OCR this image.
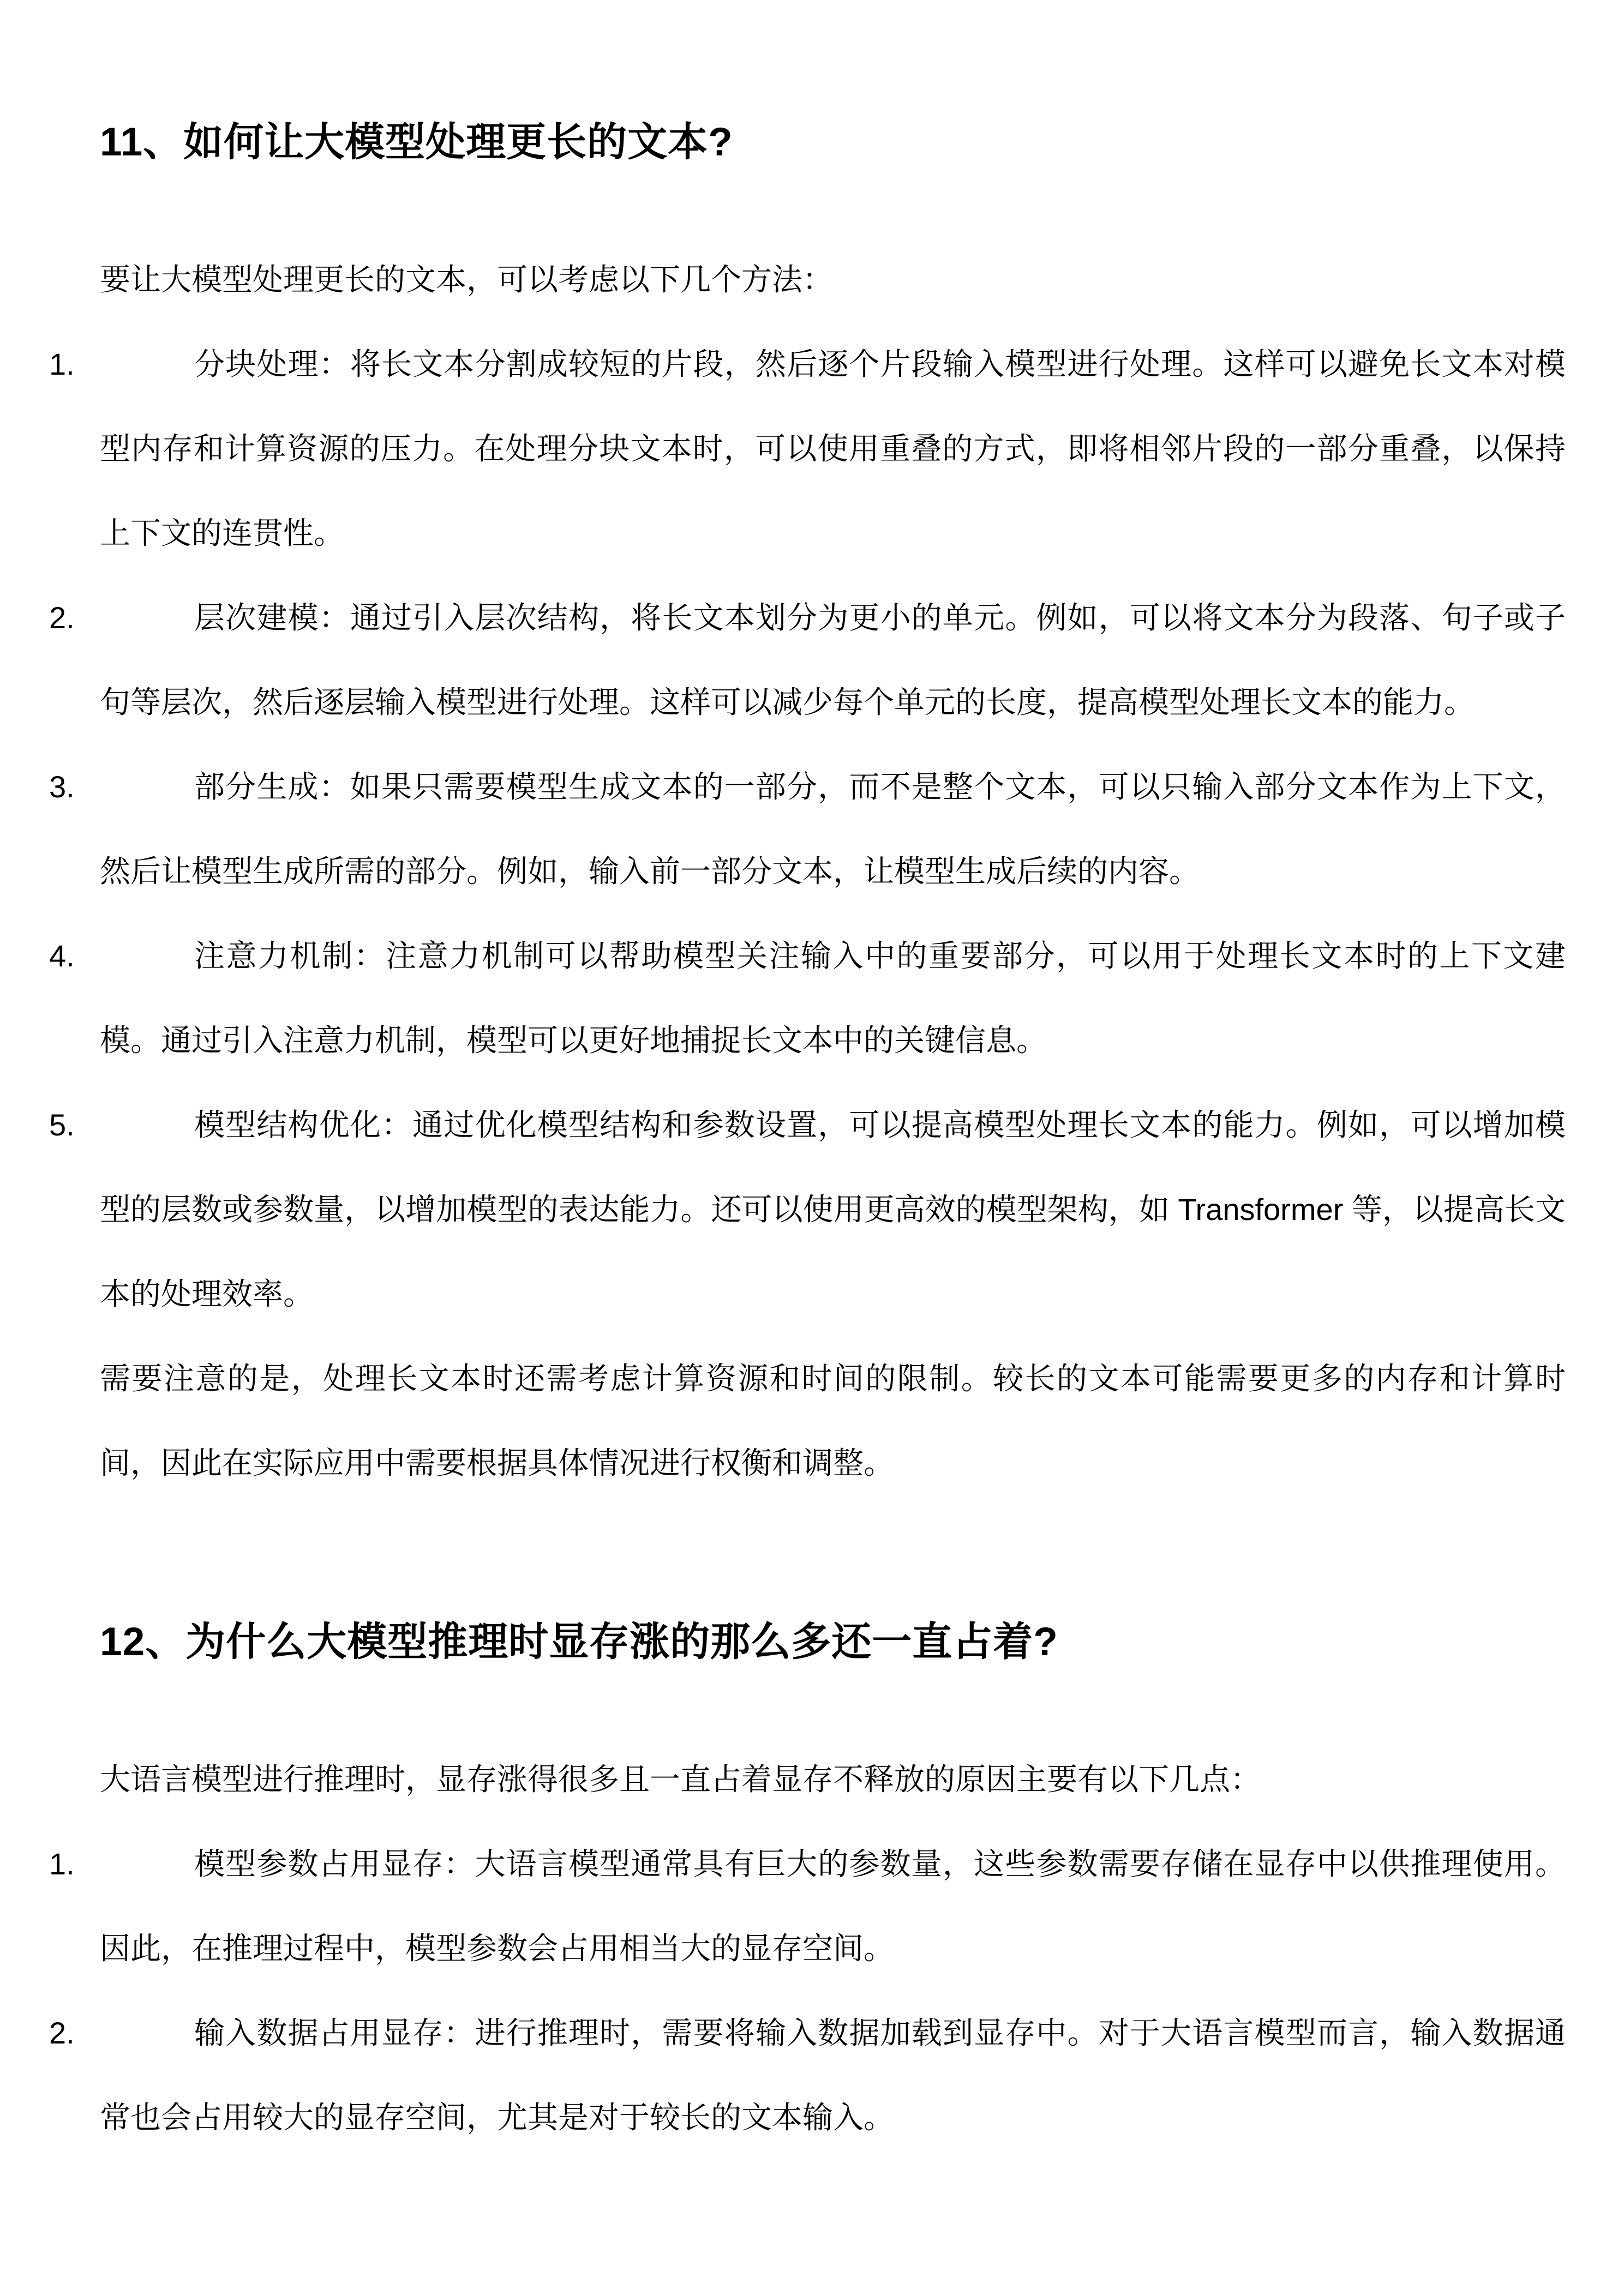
11、如何让大模型处理更长的文本?

要让大模型处理更长的文本，可以考虑以下几个方法：

1.	分块处理：将长文本分割成较短的片段，然后逐个片段输入模型进行处理。这样可以避免长文本对模型内存和计算资源的压力。在处理分块文本时，可以使用重叠的方式，即将相邻片段的一部分重叠，以保持上下文的连贯性。

2.	层次建模：通过引入层次结构，将长文本划分为更小的单元。例如，可以将文本分为段落、句子或子句等层次，然后逐层输入模型进行处理。这样可以减少每个单元的长度，提高模型处理长文本的能力。

3.	部分生成：如果只需要模型生成文本的一部分，而不是整个文本，可以只输入部分文本作为上下文，然后让模型生成所需的部分。例如，输入前一部分文本，让模型生成后续的内容。

4.	注意力机制：注意力机制可以帮助模型关注输入中的重要部分，可以用于处理长文本时的上下文建模。通过引入注意力机制，模型可以更好地捕捉长文本中的关键信息。

5.	模型结构优化：通过优化模型结构和参数设置，可以提高模型处理长文本的能力。例如，可以增加模型的层数或参数量，以增加模型的表达能力。还可以使用更高效的模型架构，如 Transformer 等，以提高长文本的处理效率。

需要注意的是，处理长文本时还需考虑计算资源和时间的限制。较长的文本可能需要更多的内存和计算时间，因此在实际应用中需要根据具体情况进行权衡和调整。

12、为什么大模型推理时显存涨的那么多还一直占着?

大语言模型进行推理时，显存涨得很多且一直占着显存不释放的原因主要有以下几点：

1.	模型参数占用显存：大语言模型通常具有巨大的参数量，这些参数需要存储在显存中以供推理使用。因此，在推理过程中，模型参数会占用相当大的显存空间。

2.	输入数据占用显存：进行推理时，需要将输入数据加载到显存中。对于大语言模型而言，输入数据通常也会占用较大的显存空间，尤其是对于较长的文本输入。
